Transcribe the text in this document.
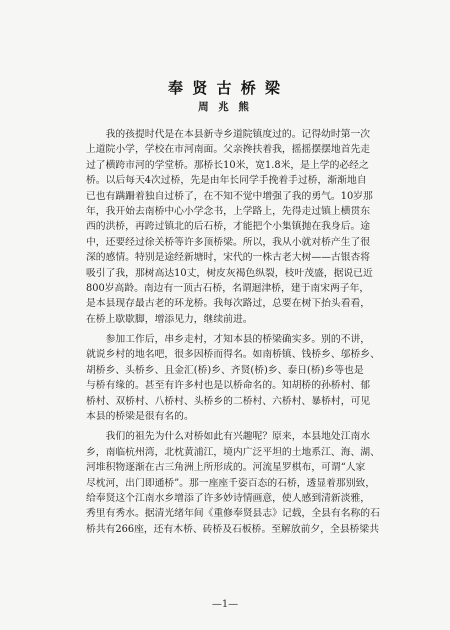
奉 贤 古 桥 梁
周 兆 熊
　　我的孩提时代是在本县新寺乡道院镇度过的。记得幼时第一次
上道院小学，学校在市河南面。父亲搀扶着我，摇摇摆摆地首先走
过了横跨市河的学堂桥。那桥长10米，宽1.8米，是上学的必经之
桥。以后每天4次过桥，先是由年长同学手挽着手过桥，渐渐地自
已也有蹒跚着独自过桥了，在不知不觉中增强了我的勇气。10岁那
年，我开始去南桥中心小学念书，上学路上，先得走过镇上横贯东
西的洪桥，再跨过镇北的后石桥，才能把个小集镇抛在我身后。途
中，还要经过徐关桥等许多顶桥梁。所以，我从小就对桥产生了很
深的感情。特别是途经新塘时，宋代的一株古老大树——古银杏将
吸引了我，那树高达10丈，树皮灰褐色纵裂，枝叶茂盛，据说已近
800岁高龄。南边有一顶古石桥，名谓迴津桥，建于南宋两子年，
是本县现存最古老的环龙桥。我每次路过，总要在树下抬头看看，
在桥上歇歇脚，增添见力，继续前进。
　　参加工作后，串乡走村，才知本县的桥梁确实多。别的不讲，
就说乡村的地名吧，很多因桥而得名。如南桥镇、钱桥乡、邬桥乡、
胡桥乡、头桥乡、且金汇(桥)乡、齐贤(桥)乡、泰日(桥)乡等也是
与桥有缘的。甚至有许多村也是以桥命名的。知胡桥的孙桥村、郁
桥村、双桥村、八桥村、头桥乡的二桥村、六桥村、暴桥村，可见
本县的桥梁是很有名的。
　　我们的祖先为什么对桥如此有兴趣呢？原来，本县地处江南水
乡，南临杭州湾，北枕黄浦江，境内广泛平坦的土地系江、海、湖、
河堆积物逐渐在古三角洲上所形成的。河流星罗棋布，可谓“人家
尽枕河，出门即通桥”。那一座座千姿百态的石桥，透显着那别致，
给奉贤这个江南水乡增添了许多妙诗情画意，使人感到清新淡雅，
秀里有秀水。据清光绪年间《重修奉贤县志》记载，全县有名称的石
桥共有266座，还有木桥、砖桥及石板桥。至解放前夕，全县桥梁共
—1—
